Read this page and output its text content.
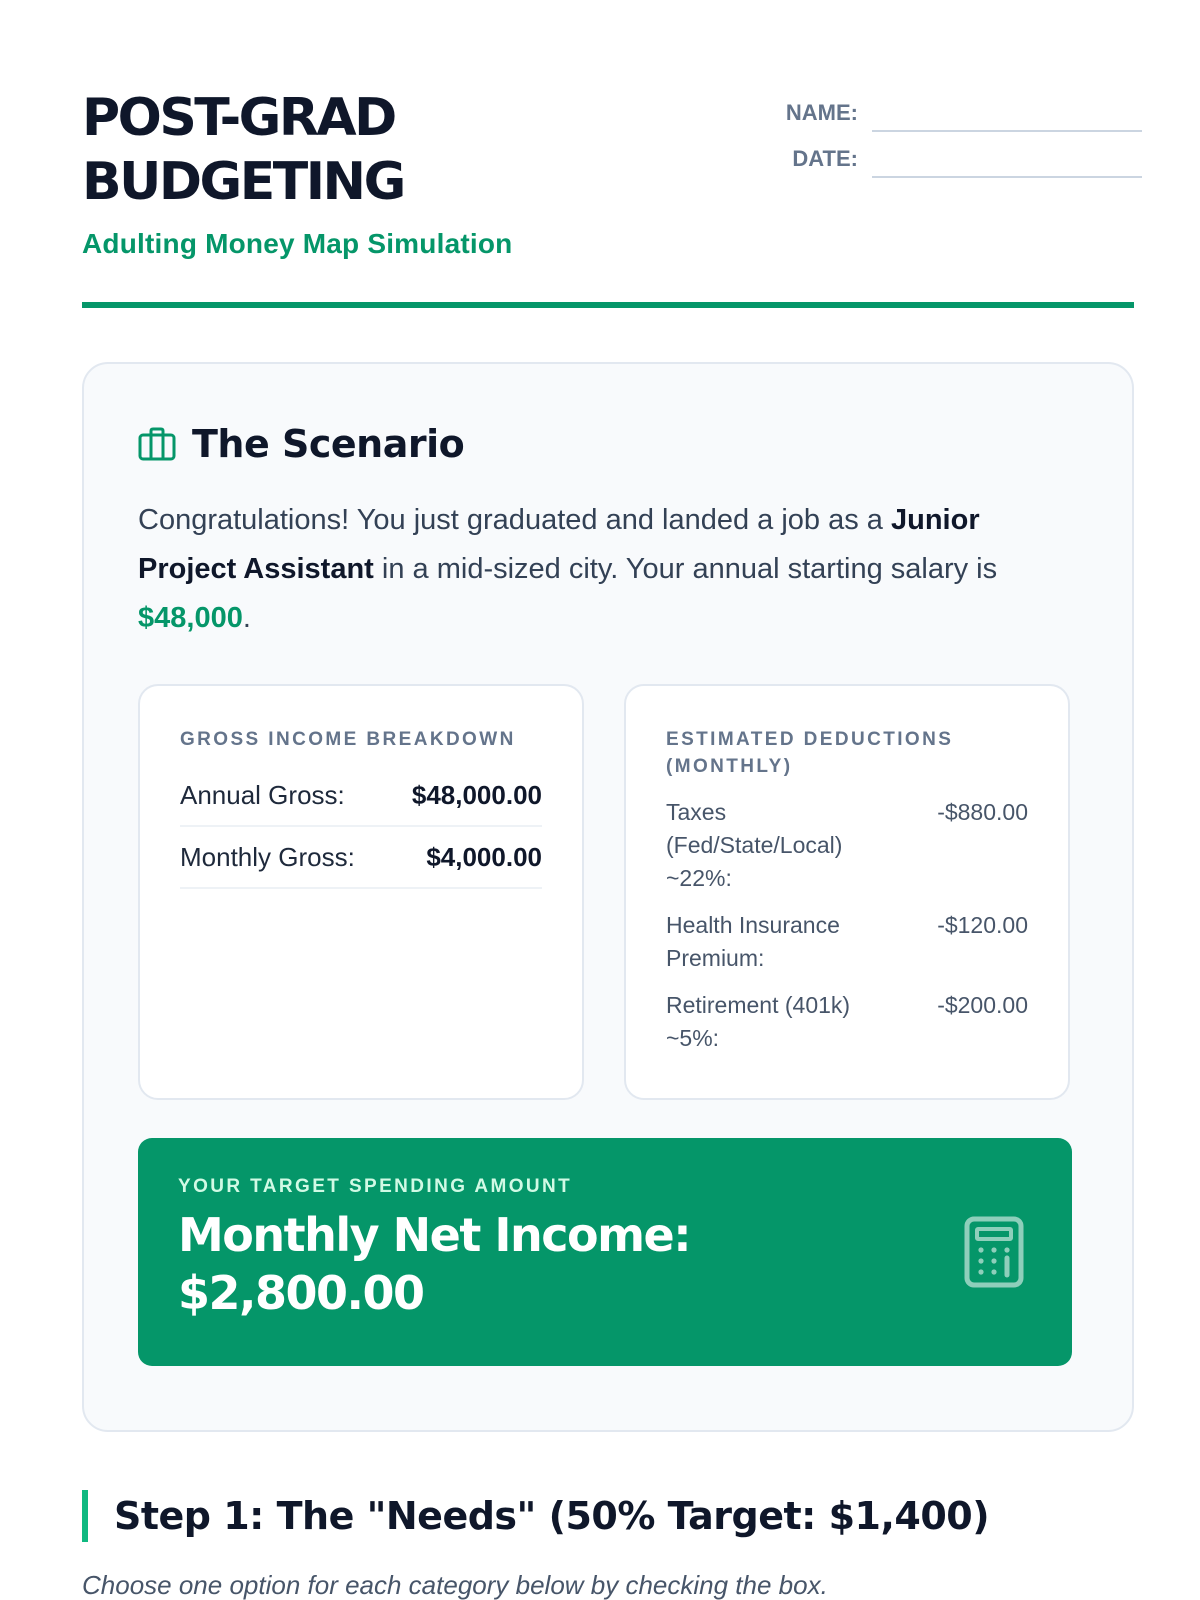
POST-GRAD BUDGETING
Adulting Money Map Simulation
NAME:
DATE:
The Scenario

Congratulations! You just graduated and landed a job as a Junior Project Assistant in a mid-sized city. Your annual starting salary is $48,000.

GROSS INCOME BREAKDOWN
Annual Gross:	$48,000.00
Monthly Gross:	$4,000.00
ESTIMATED DEDUCTIONS (MONTHLY)
Taxes (Fed/State/Local) ~22%:
-$880.00
Health Insurance Premium:
-$120.00
Retirement (401k) ~5%:
-$200.00
YOUR TARGET SPENDING AMOUNT
Monthly Net Income: $2,800.00
Step 1: The "Needs" (50% Target: $1,400)
Choose one option for each category below by checking the box.
